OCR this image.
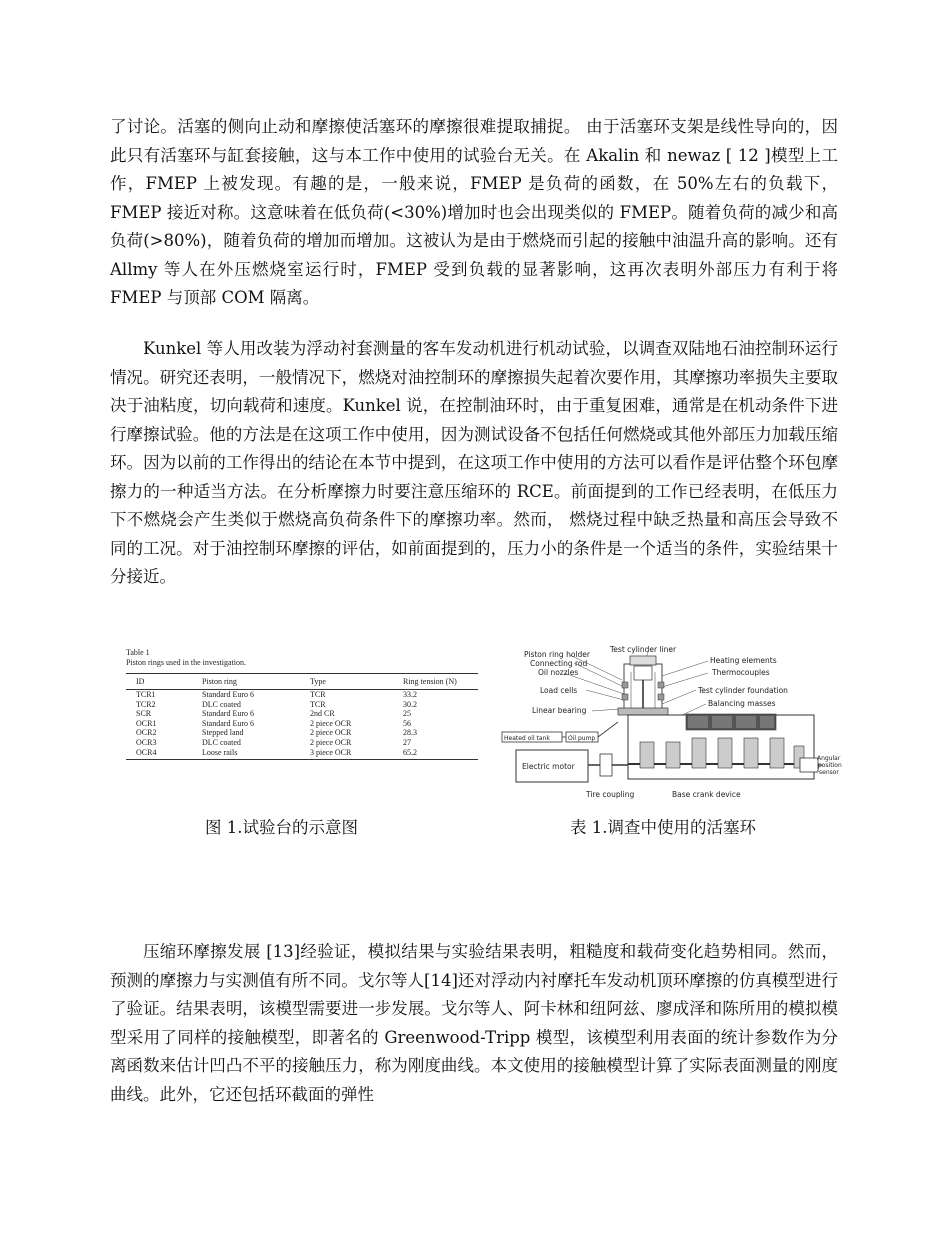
了讨论。活塞的侧向止动和摩擦使活塞环的摩擦很难提取捕捉。 由于活塞环支架是线性导向的，因此只有活塞环与缸套接触，这与本工作中使用的试验台无关。在 Akalin 和 newaz [ 12 ]模型上工作，FMEP 上被发现。有趣的是，一般来说，FMEP 是负荷的函数，在 50%左右的负载下，FMEP 接近对称。这意味着在低负荷(<30%)增加时也会出现类似的 FMEP。随着负荷的减少和高负荷(>80%)，随着负荷的增加而增加。这被认为是由于燃烧而引起的接触中油温升高的影响。还有 Allmy 等人在外压燃烧室运行时，FMEP 受到负载的显著影响，这再次表明外部压力有利于将 FMEP 与顶部 COM 隔离。

Kunkel 等人用改装为浮动衬套测量的客车发动机进行机动试验，以调查双陆地石油控制环运行情况。研究还表明，一般情况下，燃烧对油控制环的摩擦损失起着次要作用，其摩擦功率损失主要取决于油粘度，切向载荷和速度。Kunkel 说，在控制油环时，由于重复困难，通常是在机动条件下进行摩擦试验。他的方法是在这项工作中使用，因为测试设备不包括任何燃烧或其他外部压力加载压缩环。因为以前的工作得出的结论在本节中提到，在这项工作中使用的方法可以看作是评估整个环包摩擦力的一种适当方法。在分析摩擦力时要注意压缩环的 RCE。前面提到的工作已经表明，在低压力下不燃烧会产生类似于燃烧高负荷条件下的摩擦功率。然而， 燃烧过程中缺乏热量和高压会导致不同的工况。对于油控制环摩擦的评估，如前面提到的，压力小的条件是一个适当的条件，实验结果十分接近。

Table 1
Piston rings used in the investigation.
ID	Piston ring	Type	Ring tension (N)
TCR1	Standard Euro 6	TCR	33.2
TCR2	DLC coated	TCR	30.2
SCR	Standard Euro 6	2nd CR	25
OCR1	Standard Euro 6	2 piece OCR	56
OCR2	Stepped land	2 piece OCR	28.3
OCR3	DLC coated	2 piece OCR	27
OCR4	Loose rails	3 piece OCR	65.2
Piston ring holder
Connecting rod
Oil nozzles
Load cells
Linear bearing
Test cylinder liner
Heating elements
Thermocouples
Test cylinder foundation
Balancing masses
Heated oil tank	Oil pump
Electric motor
Tire coupling	Base crank device
Angular
position
sensor

图 1.试验台的示意图	表 1.调查中使用的活塞环

压缩环摩擦发展 [13]经验证，模拟结果与实验结果表明，粗糙度和载荷变化趋势相同。然而，预测的摩擦力与实测值有所不同。戈尔等人[14]还对浮动内衬摩托车发动机顶环摩擦的仿真模型进行了验证。结果表明，该模型需要进一步发展。戈尔等人、阿卡林和纽阿兹、廖成泽和陈所用的模拟模型采用了同样的接触模型，即著名的 Greenwood-Tripp 模型，该模型利用表面的统计参数作为分离函数来估计凹凸不平的接触压力，称为刚度曲线。本文使用的接触模型计算了实际表面测量的刚度曲线。此外，它还包括环截面的弹性
